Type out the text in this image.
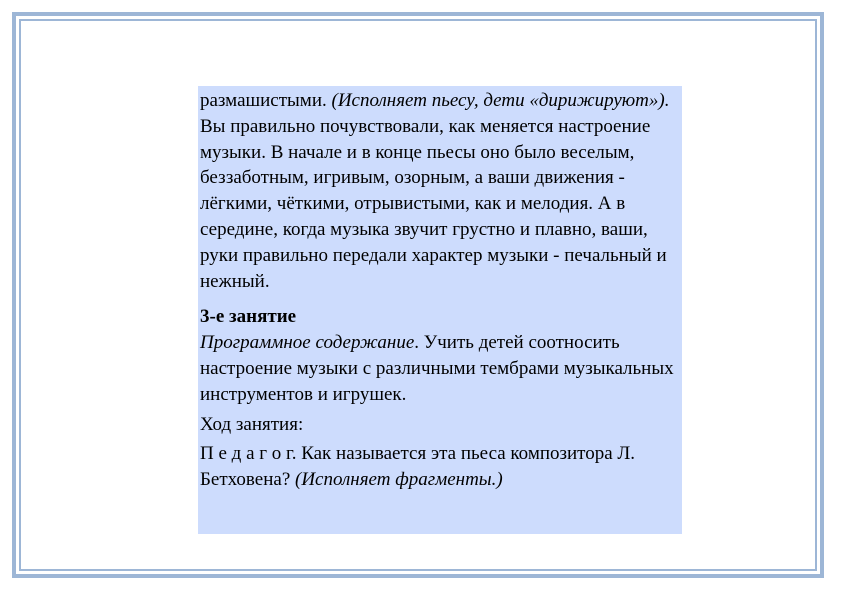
размашистыми. (Исполняет пьесу, дети «дирижируют»).

Вы правильно почувствовали, как меняется настроение музыки. В начале и в конце пьесы оно было веселым, беззаботным, игривым, озорным, а ваши движения - лёгкими, чёткими, отрывистыми, как и мелодия. А в середине, когда музыка звучит грустно и плавно, ваши, руки правильно передали характер музыки - печальный и нежный.

3-е занятие

Программное содержание. Учить детей соотносить настроение музыки с различными тембрами музыкальных инструментов и игрушек.

Ход занятия:

П е д а г о г. Как называется эта пьеса композитора Л. Бетховена? (Исполняет фрагменты.)
